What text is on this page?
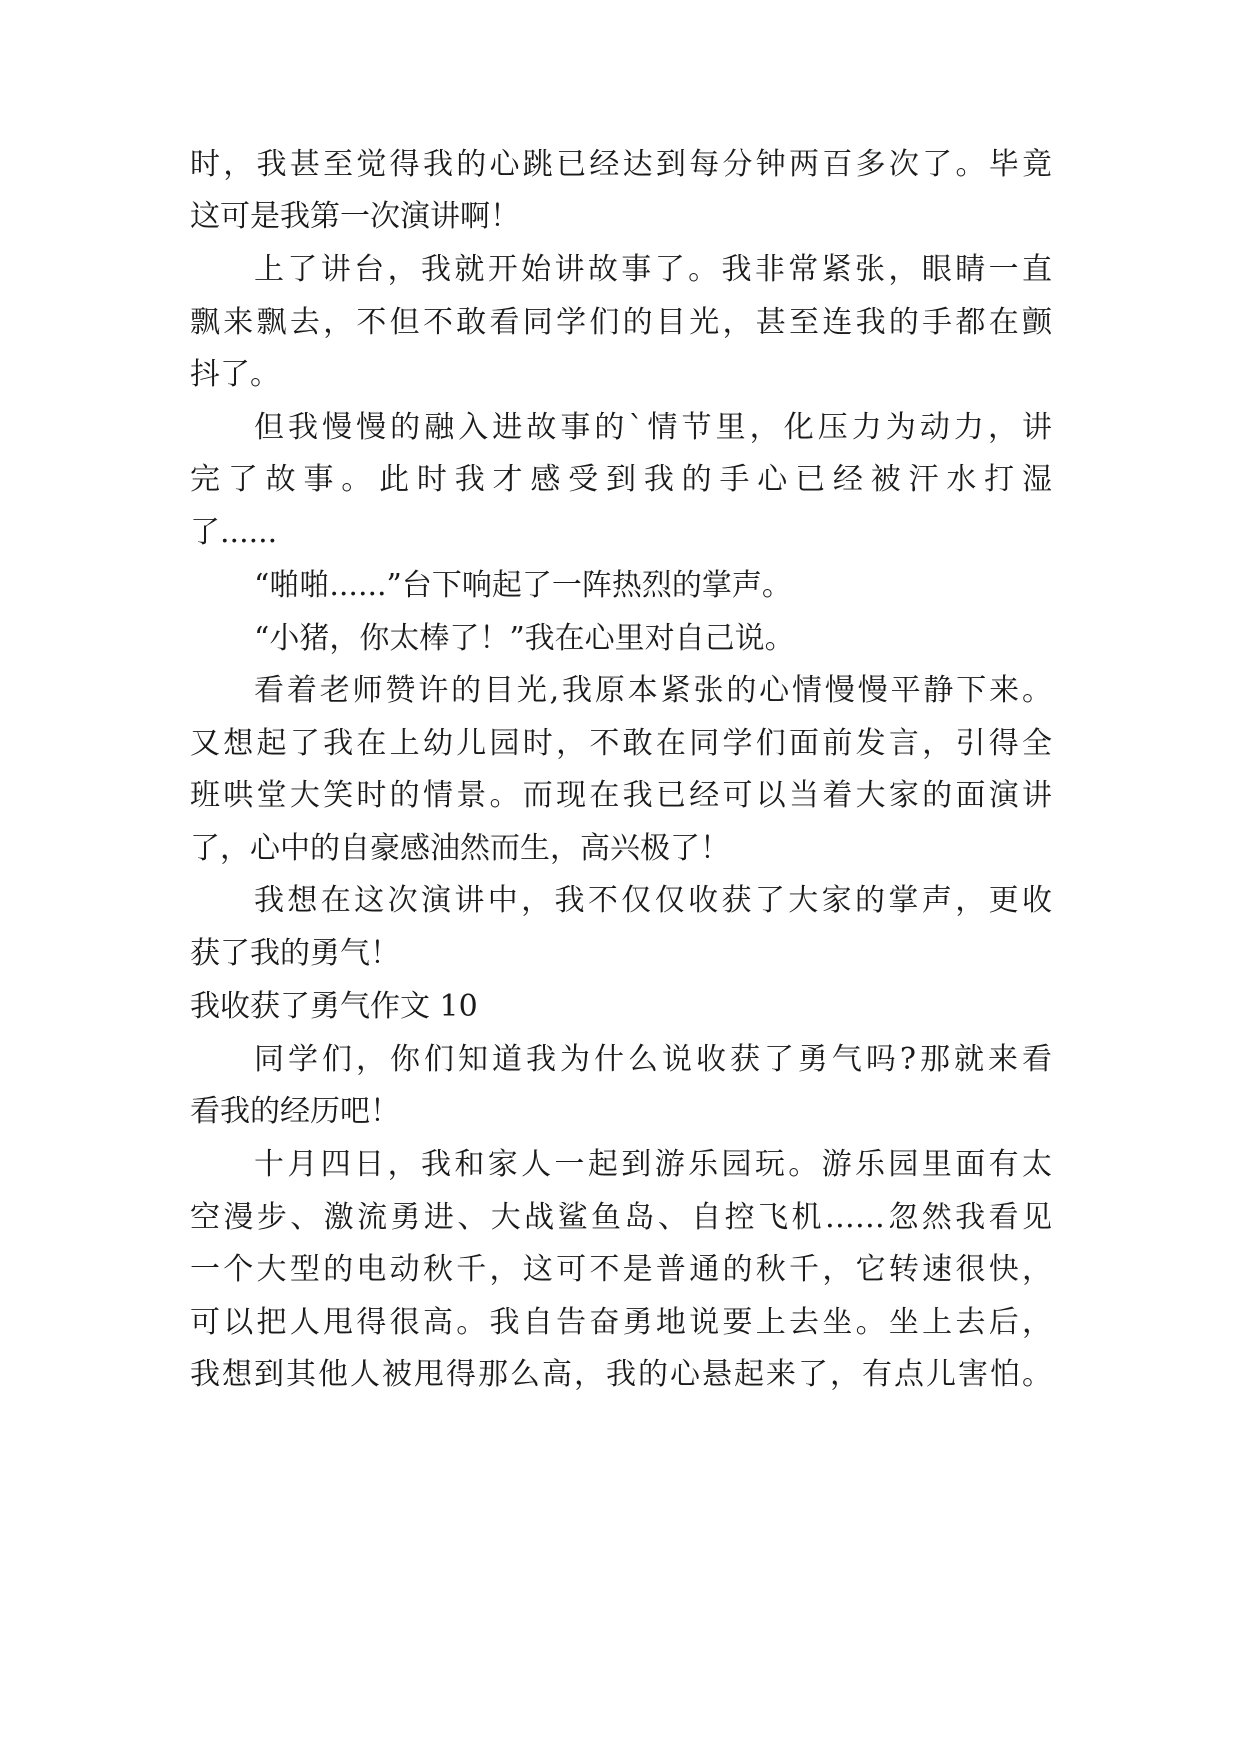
时，我甚至觉得我的心跳已经达到每分钟两百多次了。毕竟
这可是我第一次演讲啊！
上了讲台，我就开始讲故事了。我非常紧张，眼睛一直
飘来飘去，不但不敢看同学们的目光，甚至连我的手都在颤
抖了。
但我慢慢的融入进故事的`情节里，化压力为动力，讲
完了故事。此时我才感受到我的手心已经被汗水打湿
了......
“啪啪......”台下响起了一阵热烈的掌声。
“小猪，你太棒了！”我在心里对自己说。
看着老师赞许的目光,我原本紧张的心情慢慢平静下来。
又想起了我在上幼儿园时，不敢在同学们面前发言，引得全
班哄堂大笑时的情景。而现在我已经可以当着大家的面演讲
了，心中的自豪感油然而生，高兴极了！
我想在这次演讲中，我不仅仅收获了大家的掌声，更收
获了我的勇气！
我收获了勇气作文 10
同学们，你们知道我为什么说收获了勇气吗?那就来看
看我的经历吧！
十月四日，我和家人一起到游乐园玩。游乐园里面有太
空漫步、激流勇进、大战鲨鱼岛、自控飞机……忽然我看见
一个大型的电动秋千，这可不是普通的秋千，它转速很快，
可以把人甩得很高。我自告奋勇地说要上去坐。坐上去后，
我想到其他人被甩得那么高，我的心悬起来了，有点儿害怕。
